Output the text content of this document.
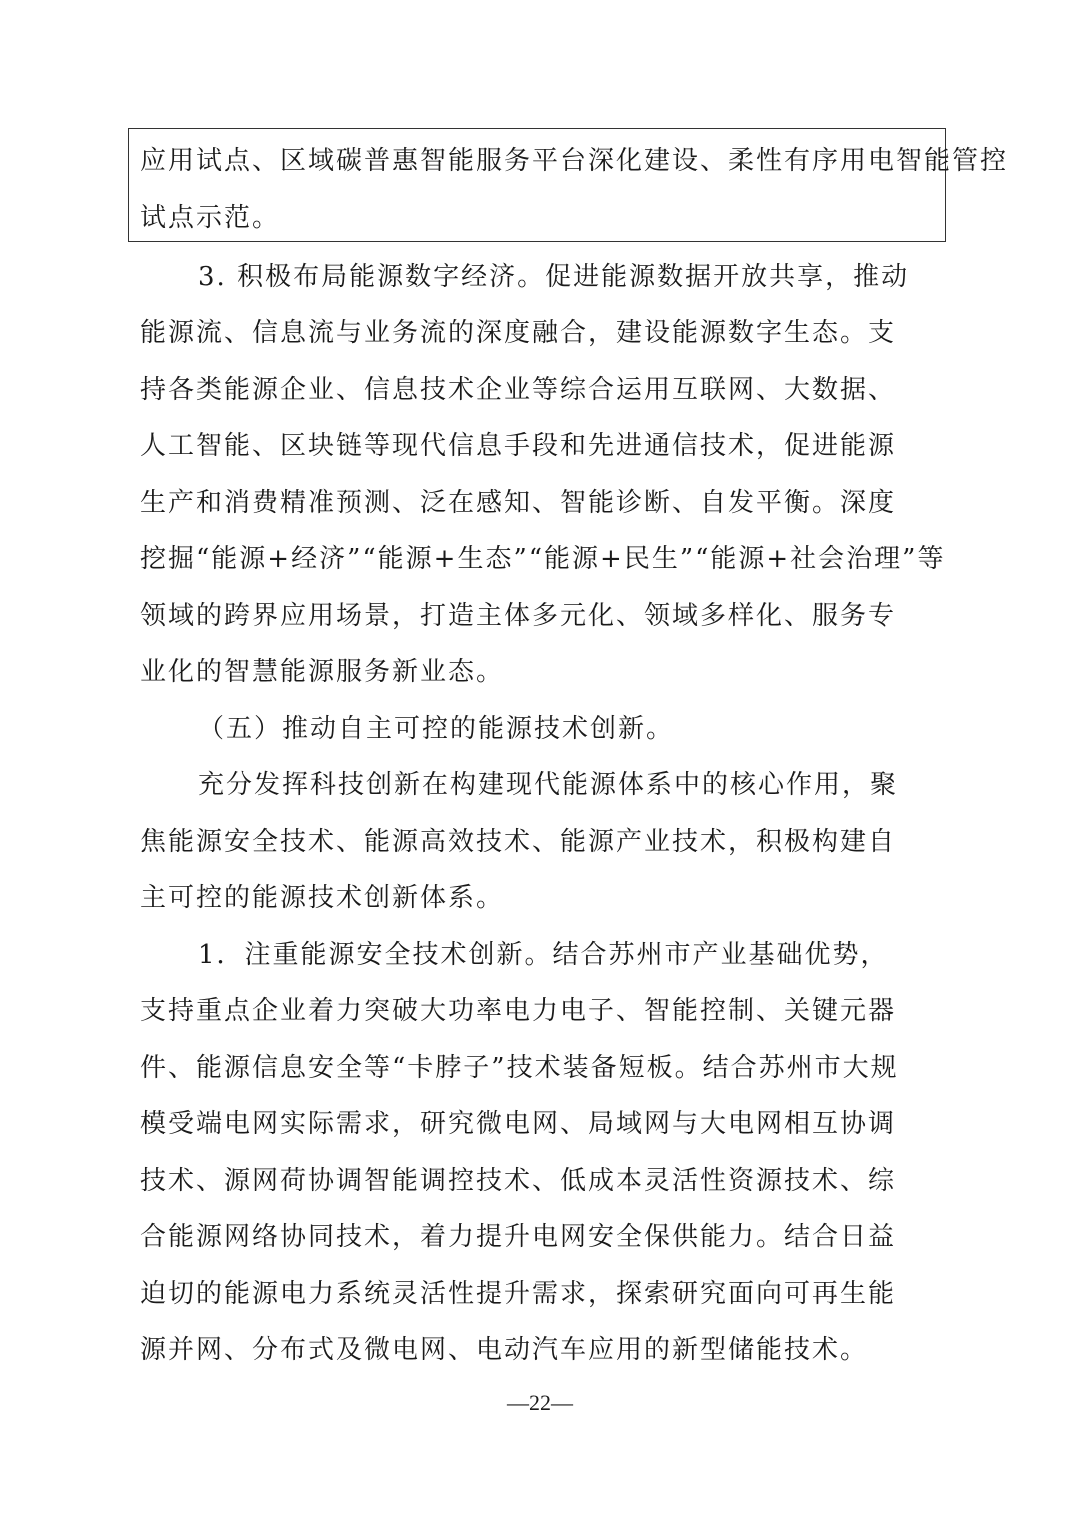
应用试点、区域碳普惠智能服务平台深化建设、柔性有序用电智能管控
试点示范。
3. 积极布局能源数字经济。促进能源数据开放共享，推动
能源流、信息流与业务流的深度融合，建设能源数字生态。支
持各类能源企业、信息技术企业等综合运用互联网、大数据、
人工智能、区块链等现代信息手段和先进通信技术，促进能源
生产和消费精准预测、泛在感知、智能诊断、自发平衡。深度
挖掘“能源+经济”“能源+生态”“能源+民生”“能源+社会治理”等
领域的跨界应用场景，打造主体多元化、领域多样化、服务专
业化的智慧能源服务新业态。
（五）推动自主可控的能源技术创新。
充分发挥科技创新在构建现代能源体系中的核心作用，聚
焦能源安全技术、能源高效技术、能源产业技术，积极构建自
主可控的能源技术创新体系。
1．注重能源安全技术创新。结合苏州市产业基础优势，
支持重点企业着力突破大功率电力电子、智能控制、关键元器
件、能源信息安全等“卡脖子”技术装备短板。结合苏州市大规
模受端电网实际需求，研究微电网、局域网与大电网相互协调
技术、源网荷协调智能调控技术、低成本灵活性资源技术、综
合能源网络协同技术，着力提升电网安全保供能力。结合日益
迫切的能源电力系统灵活性提升需求，探索研究面向可再生能
源并网、分布式及微电网、电动汽车应用的新型储能技术。
—22—
